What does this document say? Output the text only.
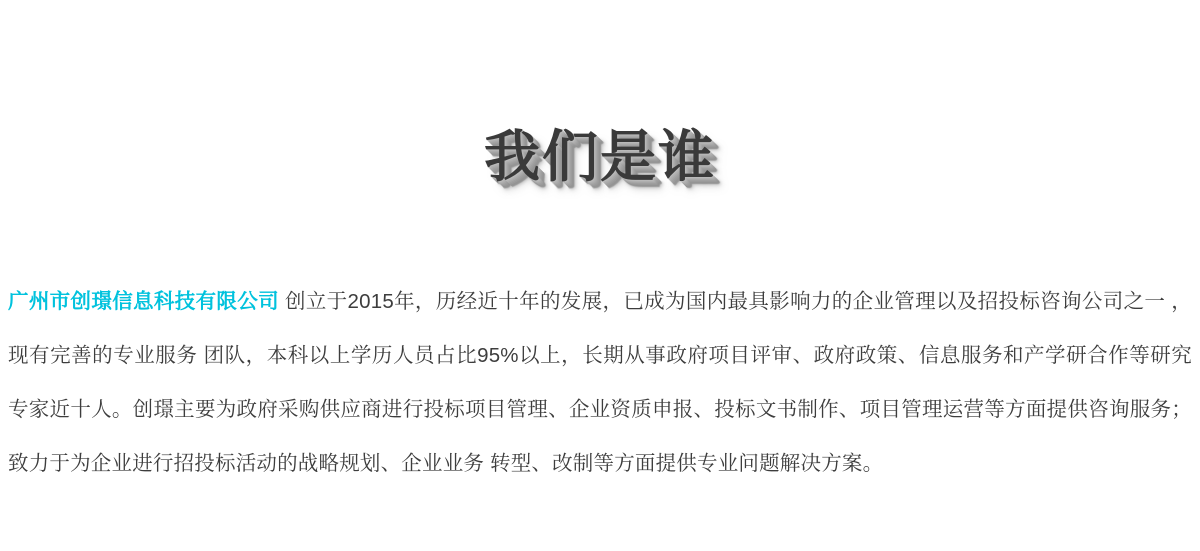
我们是谁

广州市创璟信息科技有限公司 创立于2015年，历经近十年的发展，已成为国内最具影响力的企业管理以及招投标咨询公司之一 ，现有完善的专业服务 团队，本科以上学历人员占比95%以上，长期从事政府项目评审、政府政策、信息服务和产学研合作等研究专家近十人。创璟主要为政府采购供应商进行投标项目管理、企业资质申报、投标文书制作、项目管理运营等方面提供咨询服务；致力于为企业进行招投标活动的战略规划、企业业务 转型、改制等方面提供专业问题解决方案。
